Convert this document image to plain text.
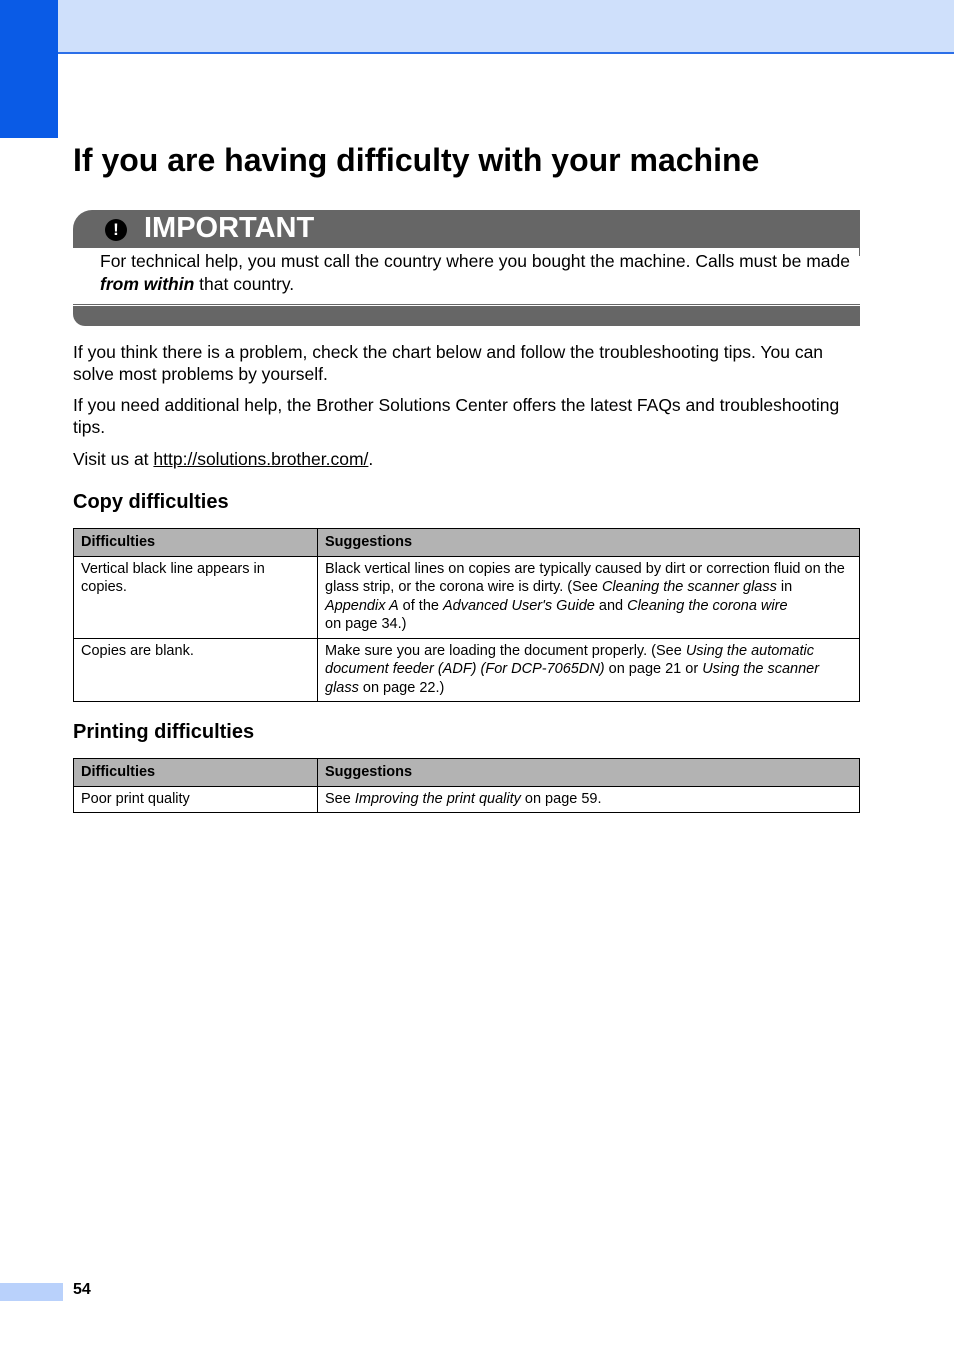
If you are having difficulty with your machine
! IMPORTANT
For technical help, you must call the country where you bought the machine. Calls must be made from within that country.

If you think there is a problem, check the chart below and follow the troubleshooting tips. You can solve most problems by yourself.

If you need additional help, the Brother Solutions Center offers the latest FAQs and troubleshooting tips.

Visit us at http://solutions.brother.com/.

Copy difficulties
Difficulties	Suggestions
Vertical black line appears in copies.	Black vertical lines on copies are typically caused by dirt or correction fluid on the glass strip, or the corona wire is dirty. (See Cleaning the scanner glass in Appendix A of the Advanced User's Guide and Cleaning the corona wire
on page 34.)
Copies are blank.	Make sure you are loading the document properly. (See Using the automatic document feeder (ADF) (For DCP-7065DN) on page 21 or Using the scanner glass on page 22.)
Printing difficulties
Difficulties	Suggestions
Poor print quality	See Improving the print quality on page 59.
54
